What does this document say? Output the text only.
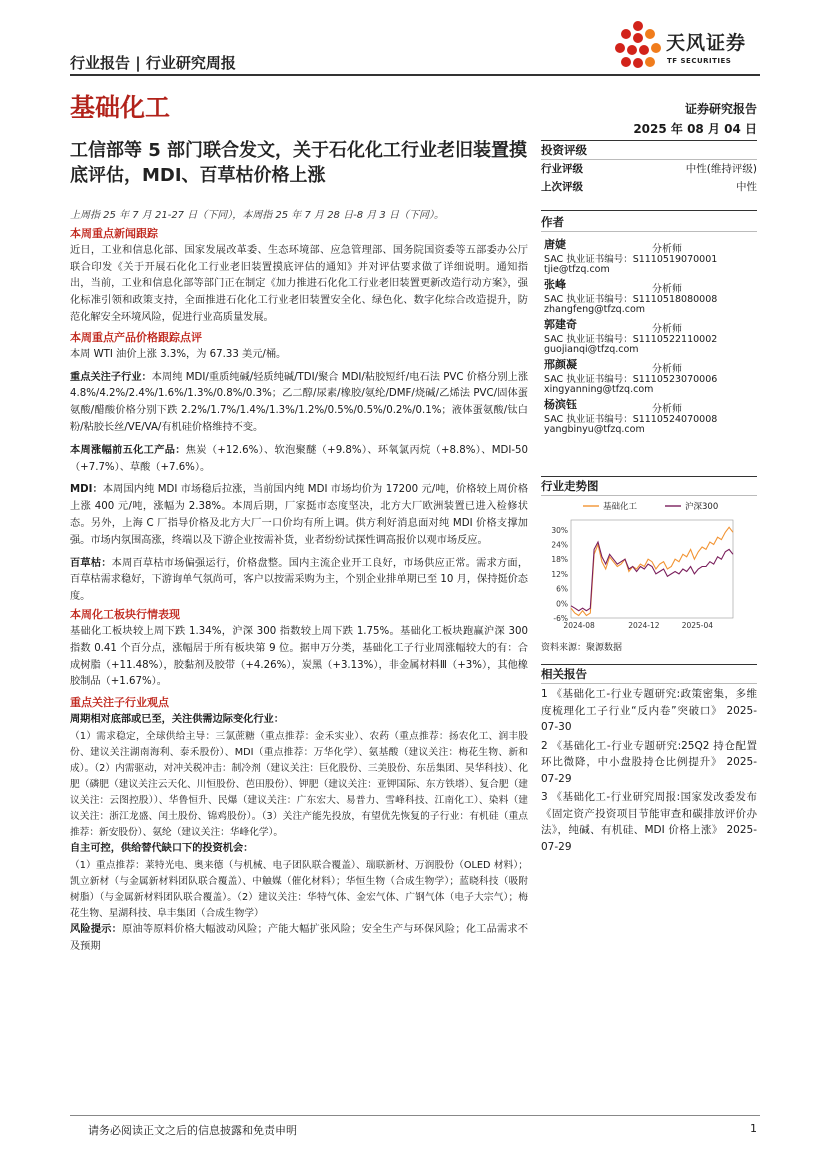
行业报告 | 行业研究周报
天风证券
TF SECURITIES
基础化工	证券研究报告
2025 年 08 月 04 日
工信部等 5 部门联合发文，关于石化化工行业老旧装置摸底评估，MDI、百草枯价格上涨

上周指 25 年 7 月 21-27 日（下同），本周指 25 年 7 月 28 日-8 月 3 日（下同）。

本周重点新闻跟踪

近日，工业和信息化部、国家发展改革委、生态环境部、应急管理部、国务院国资委等五部委办公厅联合印发《关于开展石化化工行业老旧装置摸底评估的通知》并对评估要求做了详细说明。通知指出，当前，工业和信息化部等部门正在制定《加力推进石化化工行业老旧装置更新改造行动方案》，强化标准引领和政策支持，全面推进石化化工行业老旧装置安全化、绿色化、数字化综合改造提升，防范化解安全环境风险，促进行业高质量发展。

本周重点产品价格跟踪点评

本周 WTI 油价上涨 3.3%，为 67.33 美元/桶。

重点关注子行业：本周纯 MDI/重质纯碱/轻质纯碱/TDI/聚合 MDI/粘胶短纤/电石法 PVC 价格分别上涨 4.8%/4.2%/2.4%/1.6%/1.3%/0.8%/0.3%；乙二醇/尿素/橡胶/氨纶/DMF/烧碱/乙烯法 PVC/固体蛋氨酸/醋酸价格分别下跌 2.2%/1.7%/1.4%/1.3%/1.2%/0.5%/0.5%/0.2%/0.1%；液体蛋氨酸/钛白粉/粘胶长丝/VE/VA/有机硅价格维持不变。

本周涨幅前五化工产品：焦炭（+12.6%）、软泡聚醚（+9.8%）、环氧氯丙烷（+8.8%）、MDI-50（+7.7%）、草酸（+7.6%）。

MDI：本周国内纯 MDI 市场稳后拉涨，当前国内纯 MDI 市场均价为 17200 元/吨，价格较上周价格上涨 400 元/吨，涨幅为 2.38%。本周后期，厂家挺市态度坚决，北方大厂欧洲装置已进入检修状态。另外，上海 C 厂指导价格及北方大厂一口价均有所上调。供方利好消息面对纯 MDI 价格支撑加强。市场内氛围高涨，终端以及下游企业按需补货，业者纷纷试探性调高报价以观市场反应。

百草枯：本周百草枯市场偏强运行，价格盘整。国内主流企业开工良好，市场供应正常。需求方面，百草枯需求稳好，下游询单气氛尚可，客户以按需采购为主，个别企业排单期已至 10 月，保持挺价态度。

本周化工板块行情表现

基础化工板块较上周下跌 1.34%，沪深 300 指数较上周下跌 1.75%。基础化工板块跑赢沪深 300 指数 0.41 个百分点，涨幅居于所有板块第 9 位。据申万分类，基础化工子行业周涨幅较大的有：合成树脂（+11.48%），胶黏剂及胶带（+4.26%），炭黑（+3.13%），非金属材料Ⅲ（+3%），其他橡胶制品（+1.67%）。

重点关注子行业观点

周期相对底部或已至，关注供需边际变化行业：

（1）需求稳定，全球供给主导：三氯蔗糖（重点推荐：金禾实业）、农药（重点推荐：扬农化工、润丰股份、建议关注湖南海利、泰禾股份）、MDI（重点推荐：万华化学）、氨基酸（建议关注：梅花生物、新和成）。（2）内需驱动，对冲关税冲击：制冷剂（建议关注：巨化股份、三美股份、东岳集团、昊华科技）、化肥（磷肥（建议关注云天化、川恒股份、芭田股份）、钾肥（建议关注：亚钾国际、东方铁塔）、复合肥（建议关注：云图控股））、华鲁恒升、民爆（建议关注：广东宏大、易普力、雪峰科技、江南化工）、染料（建议关注：浙江龙盛、闰土股份、锦鸡股份）。（3）关注产能先投放，有望优先恢复的子行业：有机硅（重点推荐：新安股份）、氨纶（建议关注：华峰化学）。

自主可控，供给替代缺口下的投资机会：

（1）重点推荐：莱特光电、奥来德（与机械、电子团队联合覆盖）、瑞联新材、万润股份（OLED 材料）；凯立新材（与金属新材料团队联合覆盖）、中触媒（催化材料）；华恒生物（合成生物学）；蓝晓科技（吸附树脂）（与金属新材料团队联合覆盖）。（2）建议关注：华特气体、金宏气体、广钢气体（电子大宗气）；梅花生物、星湖科技、阜丰集团（合成生物学）

风险提示：原油等原料价格大幅波动风险；产能大幅扩张风险；安全生产与环保风险；化工品需求不及预期

投资评级
行业评级	中性(维持评级)
上次评级	中性
作者
唐婕	分析师
SAC 执业证书编号：S1110519070001
tjie@tfzq.com
张峰	分析师
SAC 执业证书编号：S1110518080008
zhangfeng@tfzq.com
郭建奇	分析师
SAC 执业证书编号：S1110522110002
guojianqi@tfzq.com
邢颜凝	分析师
SAC 执业证书编号：S1110523070006
xingyanning@tfzq.com
杨滨钰	分析师
SAC 执业证书编号：S1110524070008
yangbinyu@tfzq.com
行业走势图
30%
24%
18%
12%
6%
0%
-6%
2024-08	2024-12	2025-04
基础化工	沪深300
资料来源：聚源数据
相关报告

1 《基础化工-行业专题研究:政策密集，多维度梳理化工子行业“反内卷”突破口》 2025-07-30

2 《基础化工-行业专题研究:25Q2 持仓配置环比微降，中小盘股持仓比例提升》 2025-07-29

3 《基础化工-行业研究周报:国家发改委发布《固定资产投资项目节能审查和碳排放评价办法》，纯碱、有机硅、MDI 价格上涨》 2025-07-29

请务必阅读正文之后的信息披露和免责申明	1
